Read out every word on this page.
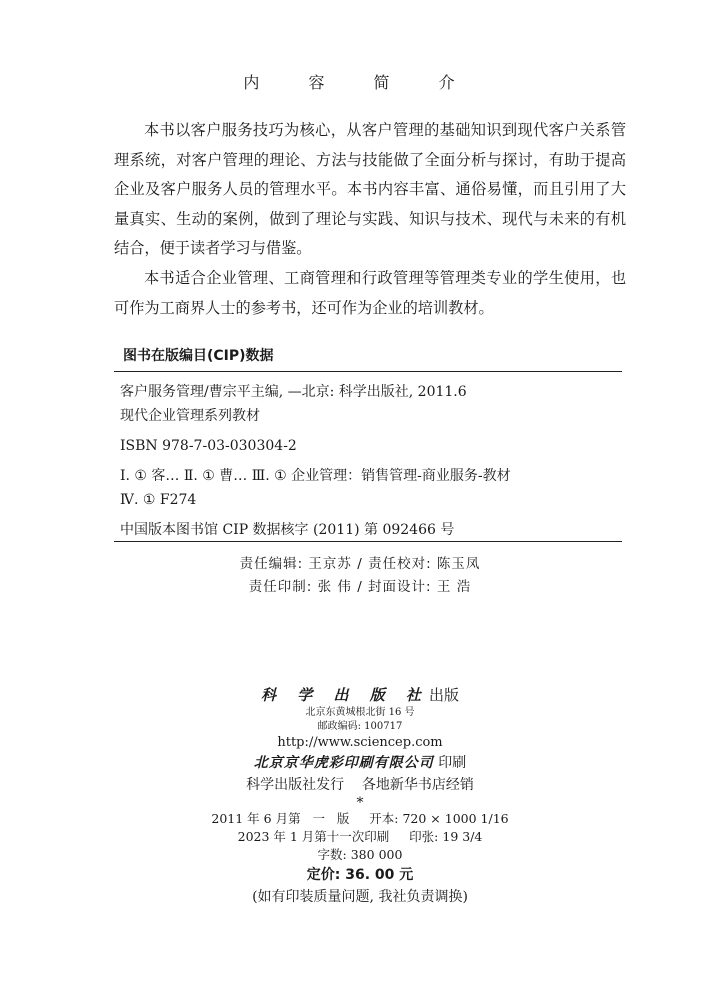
内 容 简 介

本书以客户服务技巧为核心，从客户管理的基础知识到现代客户关系管理系统，对客户管理的理论、方法与技能做了全面分析与探讨，有助于提高企业及客户服务人员的管理水平。本书内容丰富、通俗易懂，而且引用了大量真实、生动的案例，做到了理论与实践、知识与技术、现代与未来的有机结合，便于读者学习与借鉴。

本书适合企业管理、工商管理和行政管理等管理类专业的学生使用，也可作为工商界人士的参考书，还可作为企业的培训教材。

图书在版编目(CIP)数据
客户服务管理/曹宗平主编, —北京: 科学出版社, 2011.6
现代企业管理系列教材
ISBN 978-7-03-030304-2
Ⅰ. ① 客… Ⅱ. ① 曹… Ⅲ. ① 企业管理：销售管理-商业服务-教材
Ⅳ. ① F274
中国版本图书馆 CIP 数据核字 (2011) 第 092466 号
责任编辑: 王京苏 / 责任校对: 陈玉凤
责任印制: 张 伟 / 封面设计: 王 浩
科 学 出 版 社出版
北京东黄城根北街 16 号
邮政编码: 100717
http://www.sciencep.com
北京京华虎彩印刷有限公司 印刷
科学出版社发行    各地新华书店经销
*
2011 年 6 月第   一   版     开本: 720 × 1000 1/16
2023 年 1 月第十一次印刷     印张: 19 3/4
字数: 380 000
定价: 36. 00 元
(如有印装质量问题, 我社负责调换)
